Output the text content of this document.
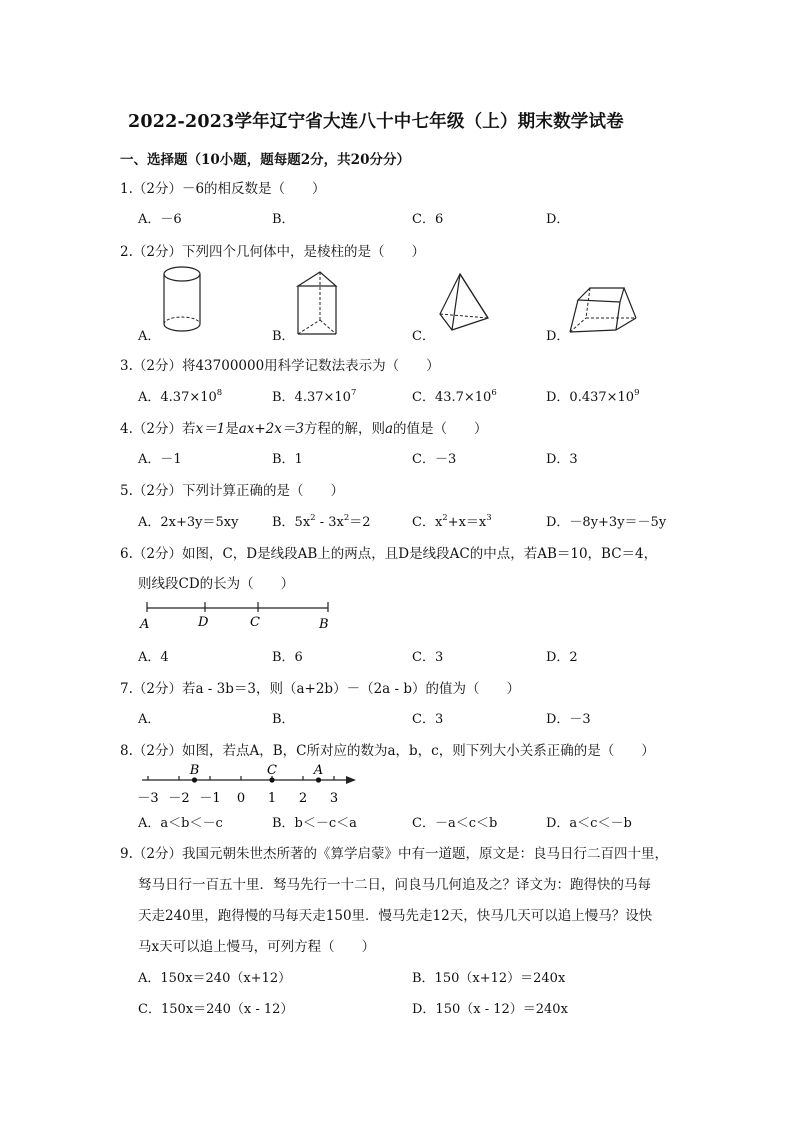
2022-2023学年辽宁省大连八十中七年级（上）期末数学试卷
一、选择题（10小题，题每题2分，共20分分）
1.（2分）－6的相反数是（　　）
A．－6	B．	C．6	D．
2.（2分）下列四个几何体中，是棱柱的是（　　）
A．	B．	C．	D．
3.（2分）将43700000用科学记数法表示为（　　）
A．$4.37\times 10^8$	B．$4.37\times 10^7$	C．$43.7\times 10^6$	D．$0.437\times 10^9$
4.（2分）若x＝1是ax+2x＝3方程的解，则a的值是（　　）
A．－1	B．1	C．－3	D．3
5.（2分）下列计算正确的是（　　）
A．2x+3y＝5xy	B．$5x^2 - 3x^2=2$	C．$x^2+x=x^3$	D．－8y+3y＝－5y
6.（2分）如图，C，D是线段AB上的两点，且D是线段AC的中点，若AB＝10，BC＝4，
则线段CD的长为（　　）
A	D	C	B
A．4	B．6	C．3	D．2
7.（2分）若a - 3b＝3，则（a+2b）－（2a - b）的值为（　　）
A．	B．	C．3	D．－3
8.（2分）如图，若点A，B，C所对应的数为a，b，c，则下列大小关系正确的是（　　）
－3 －2 －1 0 1 2 3
B	C	A
A．a＜b＜－c	B．b＜－c＜a	C．－a＜c＜b	D．a＜c＜－b
9.（2分）我国元朝朱世杰所著的《算学启蒙》中有一道题，原文是：良马日行二百四十里，
驽马日行一百五十里．驽马先行一十二日，问良马几何追及之？译文为：跑得快的马每
天走240里，跑得慢的马每天走150里．慢马先走12天，快马几天可以追上慢马？设快
马x天可以追上慢马，可列方程（　　）
A．150x＝240（x+12）	B．150（x+12）＝240x
C．150x＝240（x - 12）	D．150（x - 12）＝240x
